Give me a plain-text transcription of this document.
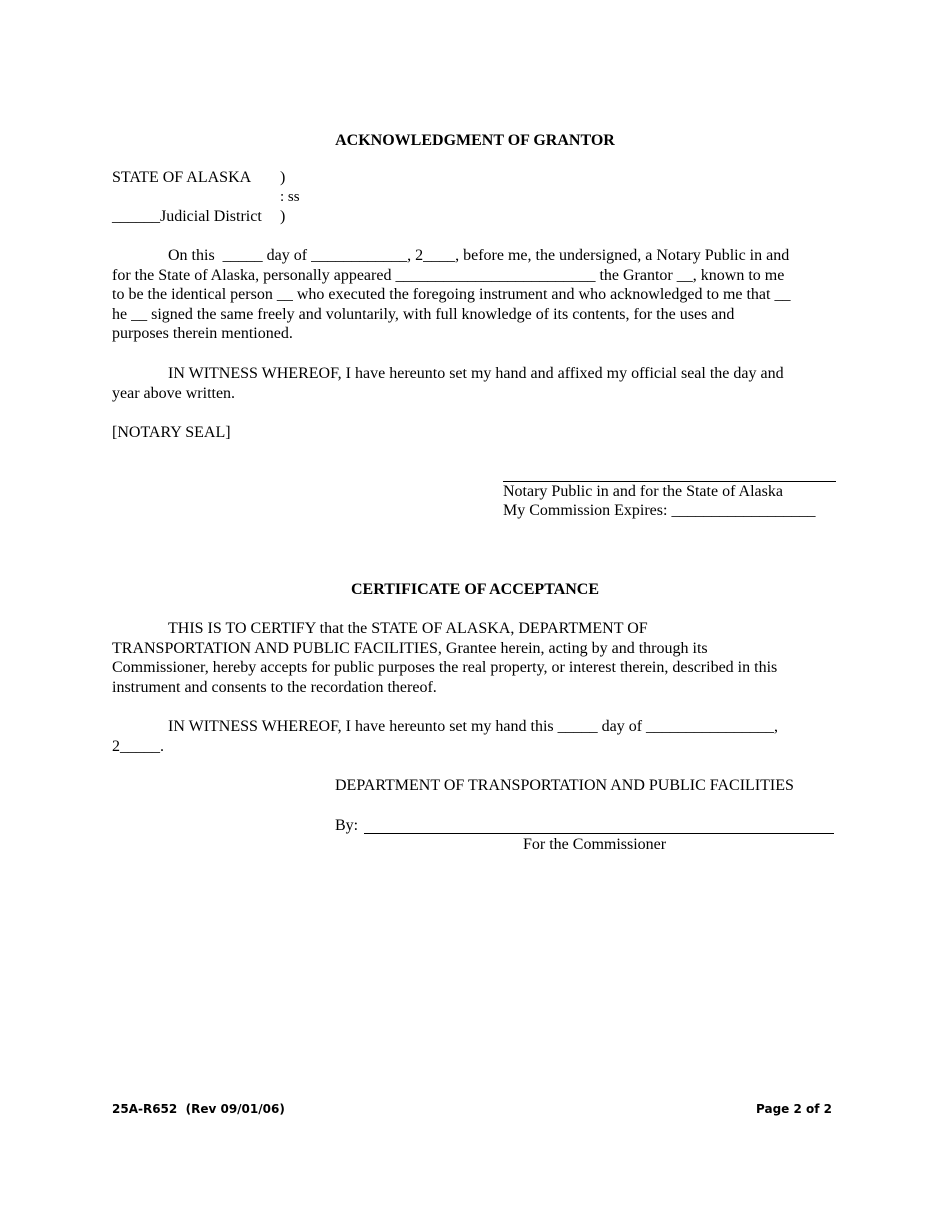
ACKNOWLEDGMENT OF GRANTOR
STATE OF ALASKA )
: ss
______Judicial District )
On this  _____ day of ____________, 2____, before me, the undersigned, a Notary Public in and
for the State of Alaska, personally appeared _________________________ the Grantor __, known to me
to be the identical person __ who executed the foregoing instrument and who acknowledged to me that __
he __ signed the same freely and voluntarily, with full knowledge of its contents, for the uses and
purposes therein mentioned.
IN WITNESS WHEREOF, I have hereunto set my hand and affixed my official seal the day and
year above written.
[NOTARY SEAL]
Notary Public in and for the State of Alaska
My Commission Expires: __________________
CERTIFICATE OF ACCEPTANCE
THIS IS TO CERTIFY that the STATE OF ALASKA, DEPARTMENT OF
TRANSPORTATION AND PUBLIC FACILITIES, Grantee herein, acting by and through its
Commissioner, hereby accepts for public purposes the real property, or interest therein, described in this
instrument and consents to the recordation thereof.
IN WITNESS WHEREOF, I have hereunto set my hand this _____ day of ________________,
2_____.
DEPARTMENT OF TRANSPORTATION AND PUBLIC FACILITIES
By:
For the Commissioner
25A-R652  (Rev 09/01/06)	Page 2 of 2
